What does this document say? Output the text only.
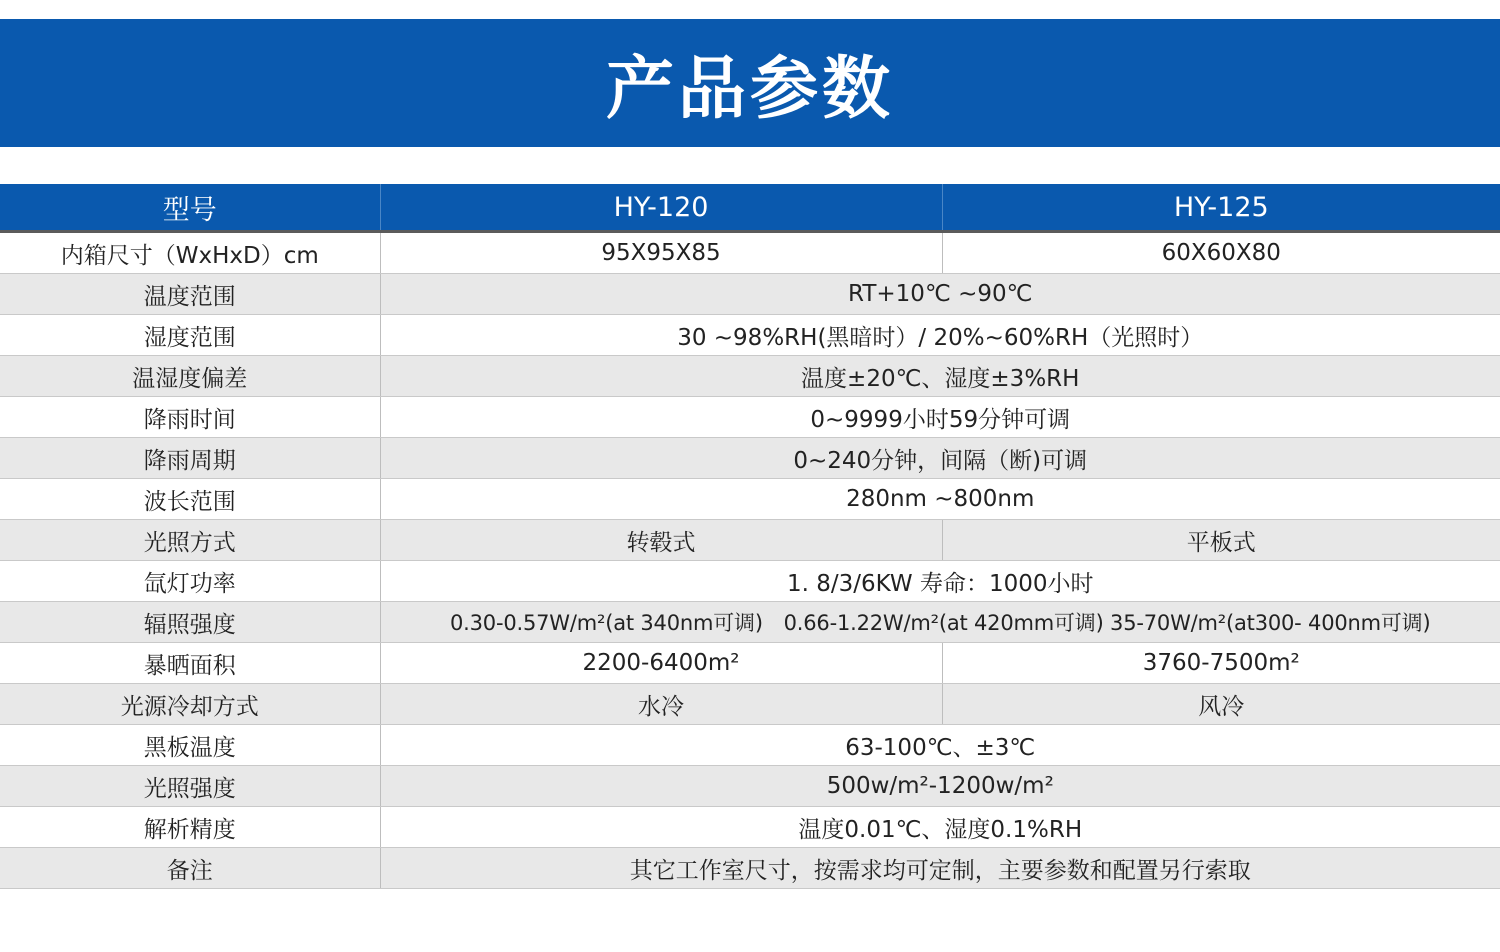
产品参数
型号	HY-120	HY-125
内箱尺寸（WxHxD）cm	95X95X85	60X60X80
温度范围	RT+10℃ ~90℃	
湿度范围	30 ~98%RH(黑暗时）/ 20%~60%RH（光照时）	
温湿度偏差	温度±20℃、湿度±3%RH	
降雨时间	0~9999小时59分钟可调	
降雨周期	0~240分钟，间隔（断)可调	
波长范围	280nm ~800nm	
光照方式	转毂式	平板式
氙灯功率	1. 8/3/6KW 寿命：1000小时	
辐照强度	0.30-0.57W/m²(at 340nm可调)　0.66-1.22W/m²(at 420mm可调) 35-70W/m²(at300- 400nm可调)	
暴晒面积	2200-6400m²	3760-7500m²
光源冷却方式	水冷	风冷
黑板温度	63-100℃、±3℃	
光照强度	500w/m²-1200w/m²	
解析精度	温度0.01℃、湿度0.1%RH	
备注	其它工作室尺寸，按需求均可定制，主要参数和配置另行索取	
